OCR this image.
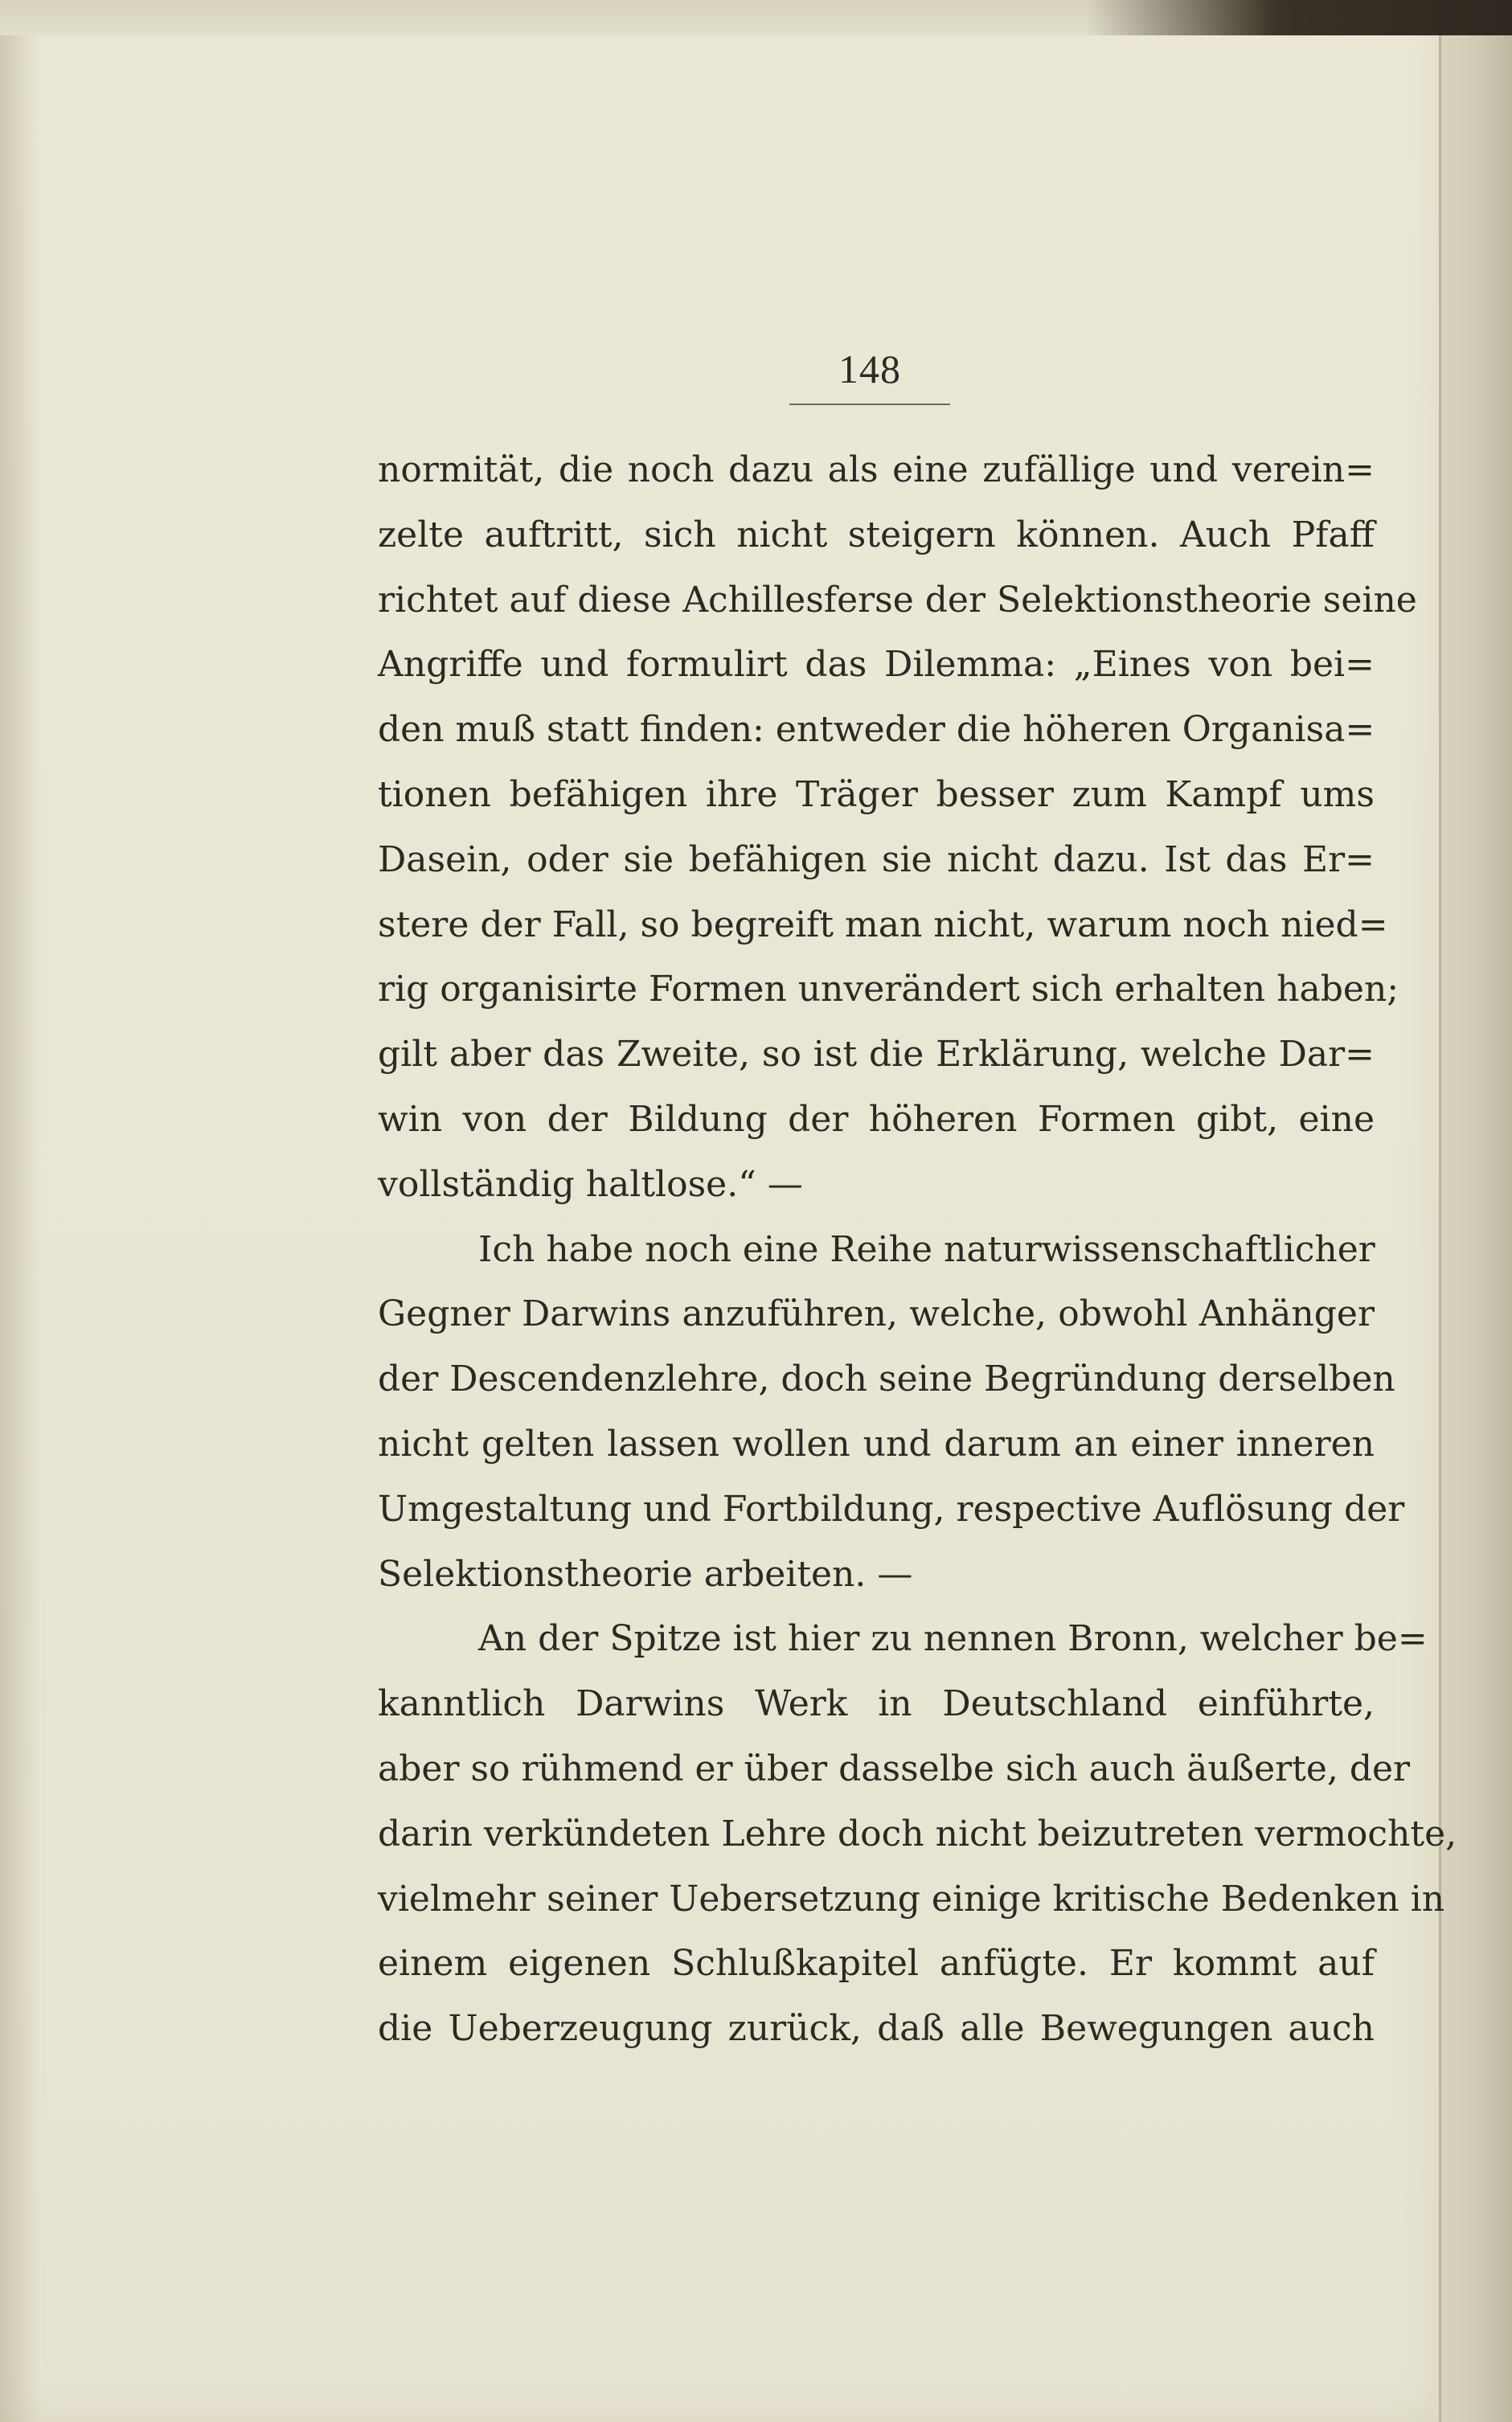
148
normität, die noch dazu als eine zufällige und verein=
zelte auftritt, sich nicht steigern können. Auch Pfaff
richtet auf diese Achillesferse der Selektionstheorie seine
Angriffe und formulirt das Dilemma: „Eines von bei=
den muß statt finden: entweder die höheren Organisa=
tionen befähigen ihre Träger besser zum Kampf ums
Dasein, oder sie befähigen sie nicht dazu. Ist das Er=
stere der Fall, so begreift man nicht, warum noch nied=
rig organisirte Formen unverändert sich erhalten haben;
gilt aber das Zweite, so ist die Erklärung, welche Dar=
win von der Bildung der höheren Formen gibt, eine
vollständig haltlose.“ —
Ich habe noch eine Reihe naturwissenschaftlicher
Gegner Darwins anzuführen, welche, obwohl Anhänger
der Descendenzlehre, doch seine Begründung derselben
nicht gelten lassen wollen und darum an einer inneren
Umgestaltung und Fortbildung, respective Auflösung der
Selektionstheorie arbeiten. —
An der Spitze ist hier zu nennen Bronn, welcher be=
kanntlich Darwins Werk in Deutschland einführte,
aber so rühmend er über dasselbe sich auch äußerte, der
darin verkündeten Lehre doch nicht beizutreten vermochte,
vielmehr seiner Uebersetzung einige kritische Bedenken in
einem eigenen Schlußkapitel anfügte. Er kommt auf
die Ueberzeugung zurück, daß alle Bewegungen auch
